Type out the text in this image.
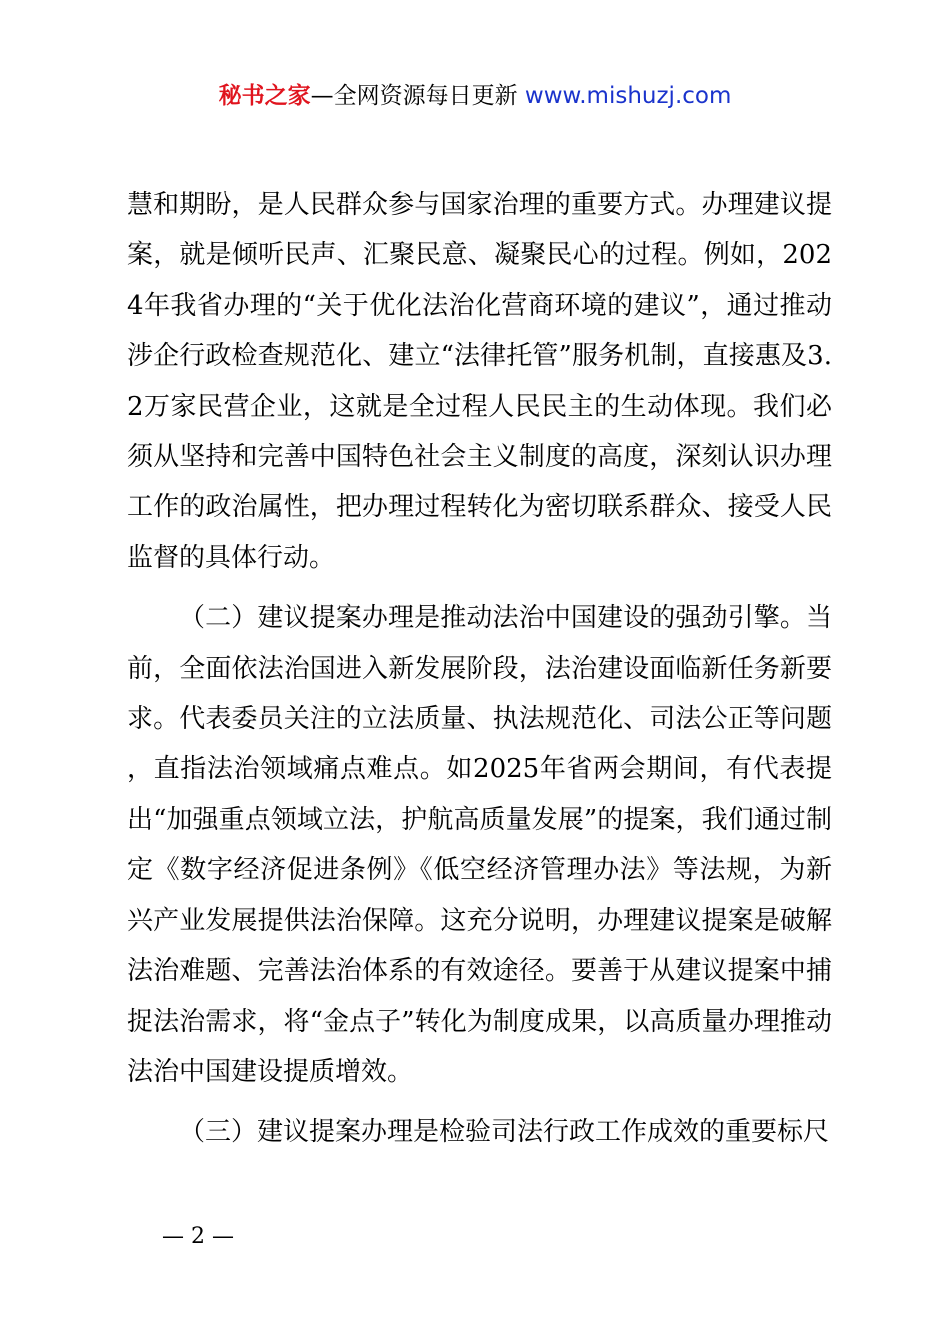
秘书之家—全网资源每日更新 www.mishuzj.com

慧和期盼，是人民群众参与国家治理的重要方式。办理建议提案，就是倾听民声、汇聚民意、凝聚民心的过程。例如，2024年我省办理的“关于优化法治化营商环境的建议”，通过推动涉企行政检查规范化、建立“法律托管”服务机制，直接惠及3.2万家民营企业，这就是全过程人民民主的生动体现。我们必须从坚持和完善中国特色社会主义制度的高度，深刻认识办理工作的政治属性，把办理过程转化为密切联系群众、接受人民监督的具体行动。

（二）建议提案办理是推动法治中国建设的强劲引擎。当前，全面依法治国进入新发展阶段，法治建设面临新任务新要求。代表委员关注的立法质量、执法规范化、司法公正等问题，直指法治领域痛点难点。如2025年省两会期间，有代表提出“加强重点领域立法，护航高质量发展”的提案，我们通过制定《数字经济促进条例》《低空经济管理办法》等法规，为新兴产业发展提供法治保障。这充分说明，办理建议提案是破解法治难题、完善法治体系的有效途径。要善于从建议提案中捕捉法治需求，将“金点子”转化为制度成果，以高质量办理推动法治中国建设提质增效。

（三）建议提案办理是检验司法行政工作成效的重要标尺

— 2 —
